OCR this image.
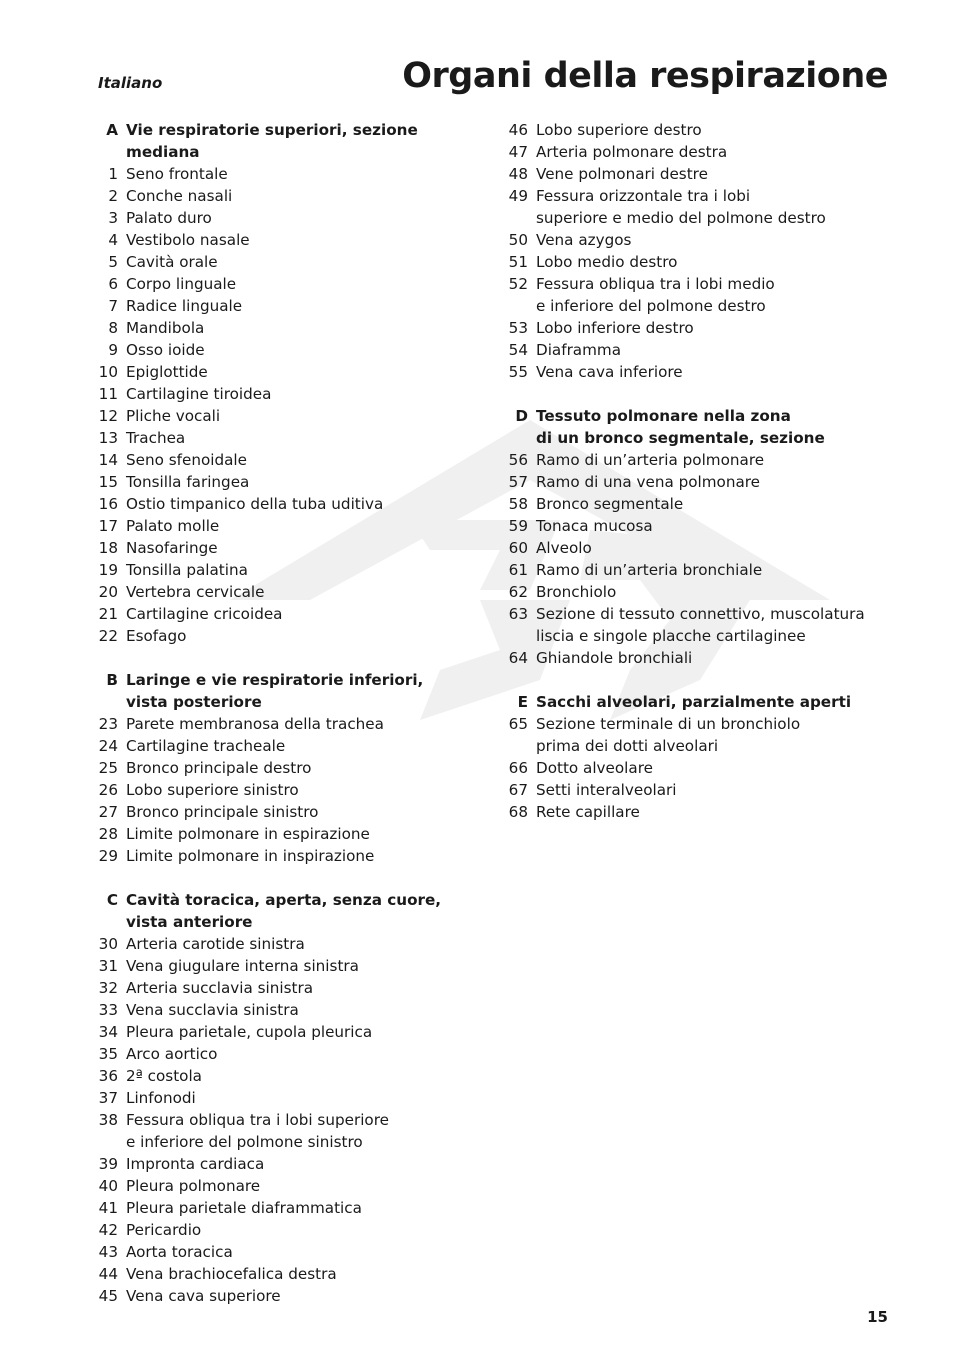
Italiano	Organi della respirazione
A Vie respiratorie superiori, sezione mediana
1 Seno frontale
2 Conche nasali
3 Palato duro
4 Vestibolo nasale
5 Cavità orale
6 Corpo linguale
7 Radice linguale
8 Mandibola
9 Osso ioide
10 Epiglottide
11 Cartilagine tiroidea
12 Pliche vocali
13 Trachea
14 Seno sfenoidale
15 Tonsilla faringea
16 Ostio timpanico della tuba uditiva
17 Palato molle
18 Nasofaringe
19 Tonsilla palatina
20 Vertebra cervicale
21 Cartilagine cricoidea
22 Esofago
B Laringe e vie respiratorie inferiori,
vista posteriore
23 Parete membranosa della trachea
24 Cartilagine tracheale
25 Bronco principale destro
26 Lobo superiore sinistro
27 Bronco principale sinistro
28 Limite polmonare in espirazione
29 Limite polmonare in inspirazione
C Cavità toracica, aperta, senza cuore,
vista anteriore
30 Arteria carotide sinistra
31 Vena giugulare interna sinistra
32 Arteria succlavia sinistra
33 Vena succlavia sinistra
34 Pleura parietale, cupola pleurica
35 Arco aortico
36 2ª costola
37 Linfonodi
38 Fessura obliqua tra i lobi superiore
e inferiore del polmone sinistro
39 Impronta cardiaca
40 Pleura polmonare
41 Pleura parietale diaframmatica
42 Pericardio
43 Aorta toracica
44 Vena brachiocefalica destra
45 Vena cava superiore
46 Lobo superiore destro
47 Arteria polmonare destra
48 Vene polmonari destre
49 Fessura orizzontale tra i lobi
superiore e medio del polmone destro
50 Vena azygos
51 Lobo medio destro
52 Fessura obliqua tra i lobi medio
e inferiore del polmone destro
53 Lobo inferiore destro
54 Diaframma
55 Vena cava inferiore
D Tessuto polmonare nella zona
di un bronco segmentale, sezione
56 Ramo di un’arteria polmonare
57 Ramo di una vena polmonare
58 Bronco segmentale
59 Tonaca mucosa
60 Alveolo
61 Ramo di un’arteria bronchiale
62 Bronchiolo
63 Sezione di tessuto connettivo, muscolatura
liscia e singole placche cartilaginee
64 Ghiandole bronchiali
E Sacchi alveolari, parzialmente aperti
65 Sezione terminale di un bronchiolo
prima dei dotti alveolari
66 Dotto alveolare
67 Setti interalveolari
68 Rete capillare
15
